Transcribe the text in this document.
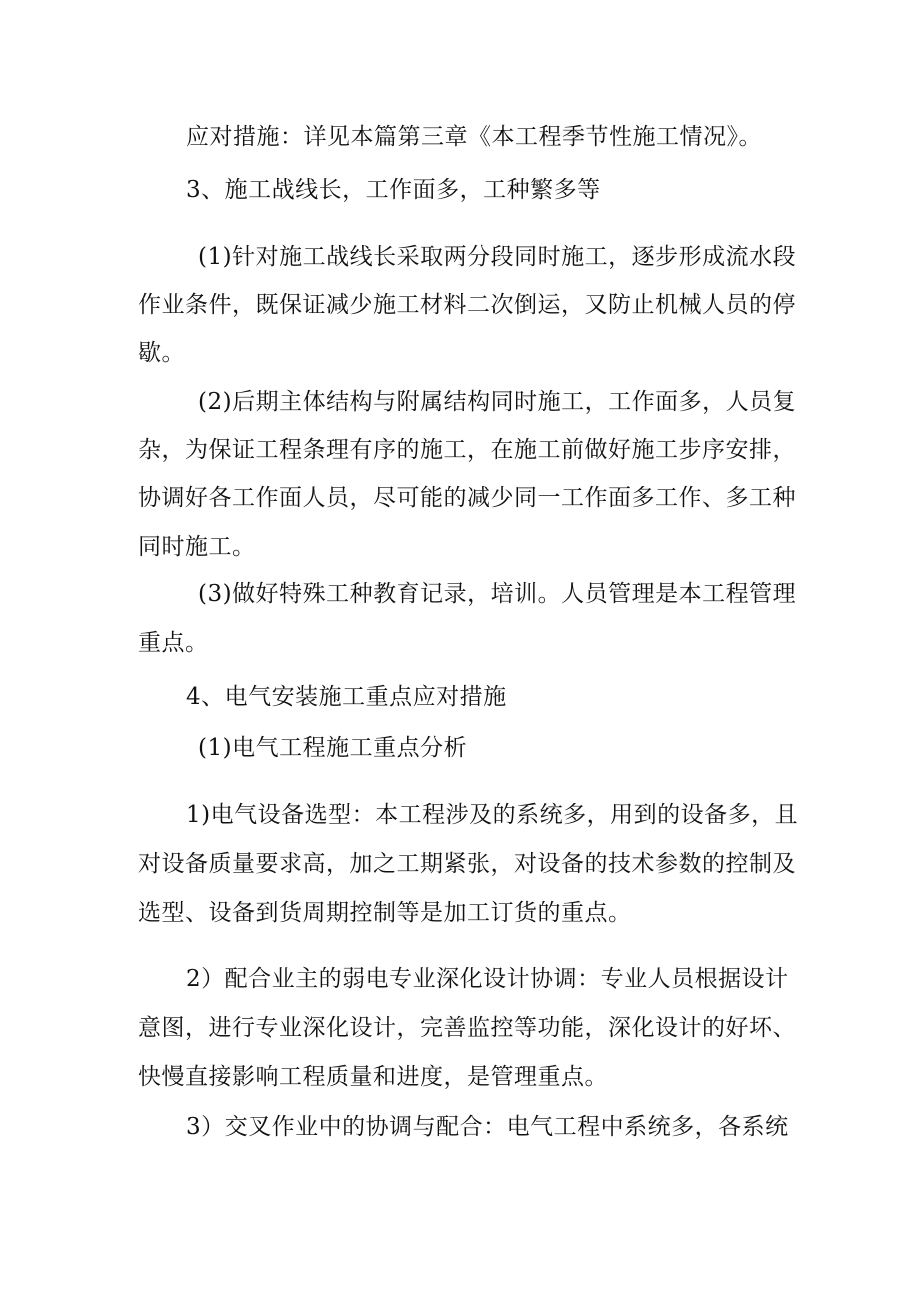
应对措施：详见本篇第三章《本工程季节性施工情况》。
3、施工战线长，工作面多，工种繁多等
(1)针对施工战线长采取两分段同时施工，逐步形成流水段
作业条件，既保证减少施工材料二次倒运，又防止机械人员的停
歇。
(2)后期主体结构与附属结构同时施工，工作面多，人员复
杂，为保证工程条理有序的施工，在施工前做好施工步序安排，
协调好各工作面人员，尽可能的减少同一工作面多工作、多工种
同时施工。
(3)做好特殊工种教育记录，培训。人员管理是本工程管理
重点。
4、电气安装施工重点应对措施
(1)电气工程施工重点分析
1)电气设备选型：本工程涉及的系统多，用到的设备多，且
对设备质量要求高，加之工期紧张，对设备的技术参数的控制及
选型、设备到货周期控制等是加工订货的重点。
2）配合业主的弱电专业深化设计协调：专业人员根据设计
意图，进行专业深化设计，完善监控等功能，深化设计的好坏、
快慢直接影响工程质量和进度，是管理重点。
3）交叉作业中的协调与配合：电气工程中系统多，各系统
